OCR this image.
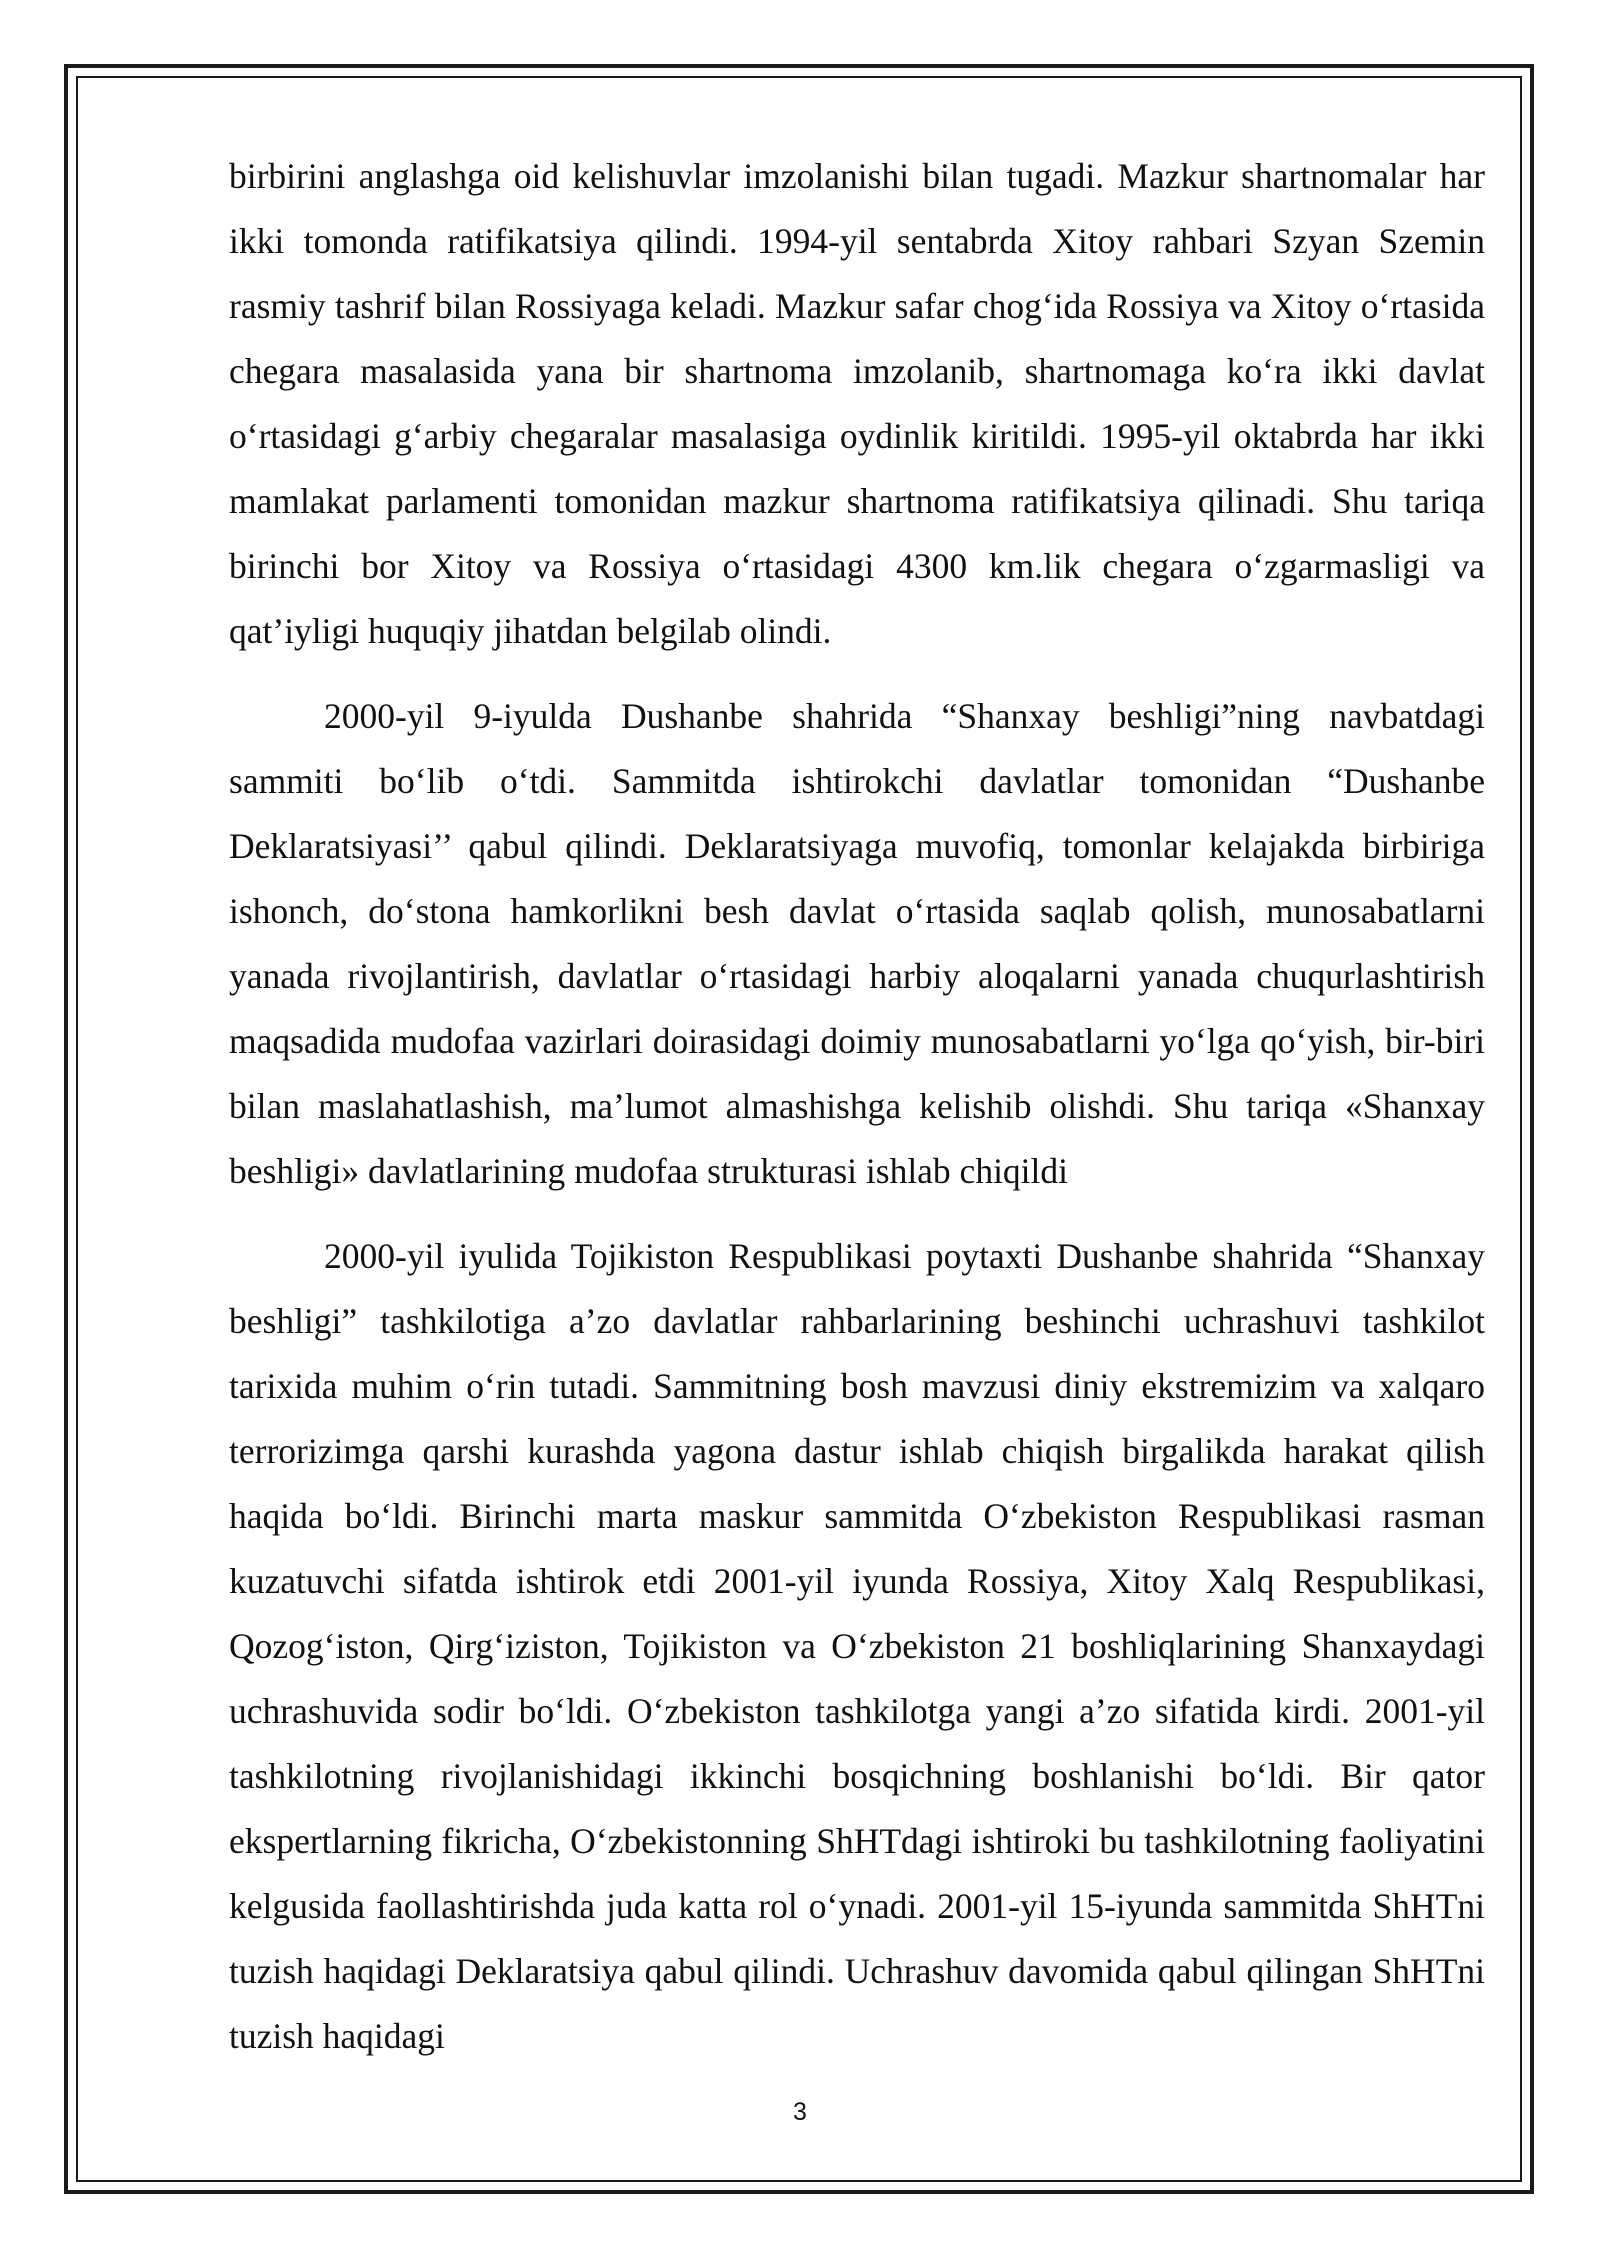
birbirini anglashga oid kelishuvlar imzolanishi bilan tugadi. Mazkur shartnomalar har ikki tomonda ratifikatsiya qilindi. 1994-yil sentabrda Xitoy rahbari Szyan Szemin rasmiy tashrif bilan Rossiyaga keladi. Mazkur safar chog‘ida Rossiya va Xitoy o‘rtasida chegara masalasida yana bir shartnoma imzolanib, shartnomaga ko‘ra ikki davlat o‘rtasidagi g‘arbiy chegaralar masalasiga oydinlik kiritildi. 1995-yil oktabrda har ikki mamlakat parlamenti tomonidan mazkur shartnoma ratifikatsiya qilinadi. Shu tariqa birinchi bor Xitoy va Rossiya o‘rtasidagi 4300 km.lik chegara o‘zgarmasligi va qat’iyligi huquqiy jihatdan belgilab olindi.

2000-yil 9-iyulda Dushanbe shahrida “Shanxay beshligi”ning navbatdagi sammiti bo‘lib o‘tdi. Sammitda ishtirokchi davlatlar tomonidan “Dushanbe Deklaratsiyasi’’ qabul qilindi. Deklaratsiyaga muvofiq, tomonlar kelajakda birbiriga ishonch, do‘stona hamkorlikni besh davlat o‘rtasida saqlab qolish, munosabatlarni yanada rivojlantirish, davlatlar o‘rtasidagi harbiy aloqalarni yanada chuqurlashtirish maqsadida mudofaa vazirlari doirasidagi doimiy munosabatlarni yo‘lga qo‘yish, bir-biri bilan maslahatlashish, ma’lumot almashishga kelishib olishdi. Shu tariqa «Shanxay beshligi» davlatlarining mudofaa strukturasi ishlab chiqildi

2000-yil iyulida Tojikiston Respublikasi poytaxti Dushanbe shahrida “Shanxay beshligi” tashkilotiga a’zo davlatlar rahbarlarining beshinchi uchrashuvi tashkilot tarixida muhim o‘rin tutadi. Sammitning bosh mavzusi diniy ekstremizim va xalqaro terrorizimga qarshi kurashda yagona dastur ishlab chiqish birgalikda harakat qilish haqida bo‘ldi. Birinchi marta maskur sammitda O‘zbekiston Respublikasi rasman kuzatuvchi sifatda ishtirok etdi 2001-yil iyunda Rossiya, Xitoy Xalq Respublikasi, Qozog‘iston, Qirg‘iziston, Tojikiston va O‘zbekiston 21 boshliqlarining Shanxaydagi uchrashuvida sodir bo‘ldi. O‘zbekiston tashkilotga yangi a’zo sifatida kirdi. 2001-yil tashkilotning rivojlanishidagi ikkinchi bosqichning boshlanishi bo‘ldi. Bir qator ekspertlarning fikricha, O‘zbekistonning ShHTdagi ishtiroki bu tashkilotning faoliyatini kelgusida faollashtirishda juda katta rol o‘ynadi. 2001-yil 15-iyunda sammitda ShHTni tuzish haqidagi Deklaratsiya qabul qilindi. Uchrashuv davomida qabul qilingan ShHTni tuzish haqidagi

3
